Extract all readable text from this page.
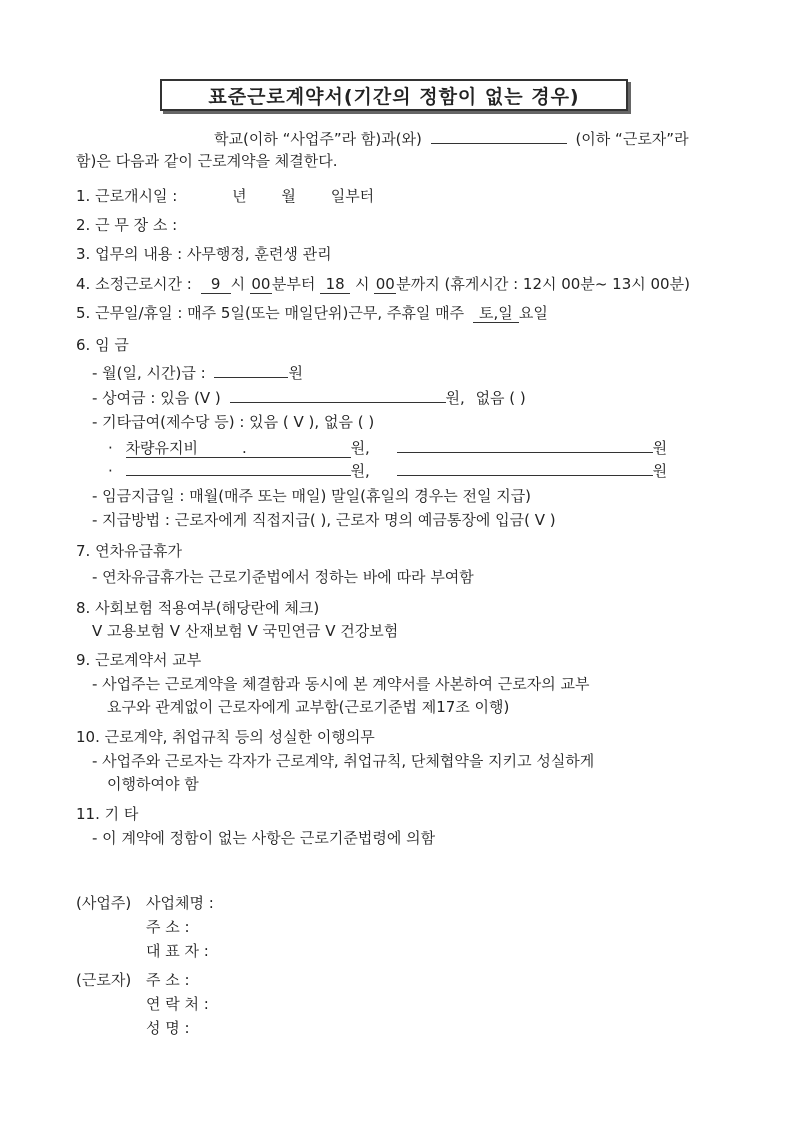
표준근로계약서(기간의 정함이 없는 경우)
학교(이하 “사업주”라 함)과(와)	(이하 “근로자”라
함)은 다음과 같이 근로계약을 체결한다.
1. 근로개시일 :	년 월 일부터
2. 근 무 장 소 :
3. 업무의 내용 : 사무행정, 훈련생 관리
4. 소정근로시간 : 9 시 00분부터 18 시 00분까지 (휴게시간 : 12시 00분~ 13시 00분)
5. 근무일/휴일 : 매주 5일(또는 매일단위)근무, 주휴일 매주 토,일 요일
6. 임 금
- 월(일, 시간)급 :	원
- 상여금 : 있음 (V )	원, 없음 ( )
- 기타급여(제수당 등) : 있음 ( V ), 없음 ( )
· 차량유지비	.	원,	원
·	원,	원
- 임금지급일 : 매월(매주 또는 매일) 말일(휴일의 경우는 전일 지급)
- 지급방법 : 근로자에게 직접지급( ), 근로자 명의 예금통장에 입금( V )
7. 연차유급휴가
- 연차유급휴가는 근로기준법에서 정하는 바에 따라 부여함
8. 사회보험 적용여부(해당란에 체크)
V 고용보험 V 산재보험 V 국민연금 V 건강보험
9. 근로계약서 교부
- 사업주는 근로계약을 체결함과 동시에 본 계약서를 사본하여 근로자의 교부
요구와 관계없이 근로자에게 교부함(근로기준법 제17조 이행)
10. 근로계약, 취업규칙 등의 성실한 이행의무
- 사업주와 근로자는 각자가 근로계약, 취업규칙, 단체협약을 지키고 성실하게
이행하여야 함
11. 기 타
- 이 계약에 정함이 없는 사항은 근로기준법령에 의함
(사업주) 사업체명 :
주 소 :
대 표 자 :
(근로자) 주 소 :
연 락 처 :
성 명 :
